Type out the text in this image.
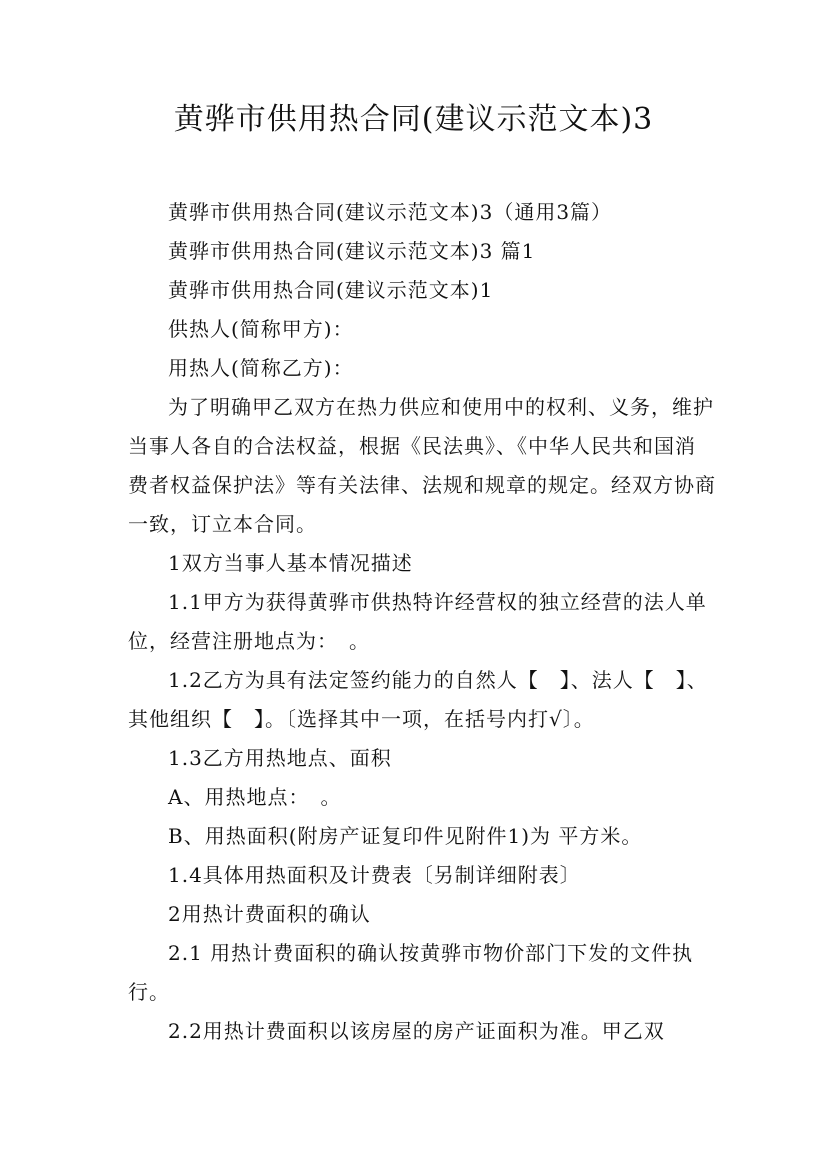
黄骅市供用热合同(建议示范文本)3

黄骅市供用热合同(建议示范文本)3（通用3篇）

黄骅市供用热合同(建议示范文本)3 篇1

黄骅市供用热合同(建议示范文本)1

供热人(简称甲方)：

用热人(简称乙方)：

为了明确甲乙双方在热力供应和使用中的权利、义务，维护当事人各自的合法权益，根据《民法典》、《中华人民共和国消费者权益保护法》等有关法律、法规和规章的规定。经双方协商一致，订立本合同。

1双方当事人基本情况描述

1.1甲方为获得黄骅市供热特许经营权的独立经营的法人单位，经营注册地点为：　。

1.2乙方为具有法定签约能力的自然人【　】、法人【　】、其他组织【　】。〔选择其中一项，在括号内打√〕。

1.3乙方用热地点、面积

A、用热地点：　。

B、用热面积(附房产证复印件见附件1)为 平方米。

1.4具体用热面积及计费表〔另制详细附表〕

2用热计费面积的确认

2.1 用热计费面积的确认按黄骅市物价部门下发的文件执行。

2.2用热计费面积以该房屋的房产证面积为准。甲乙双
